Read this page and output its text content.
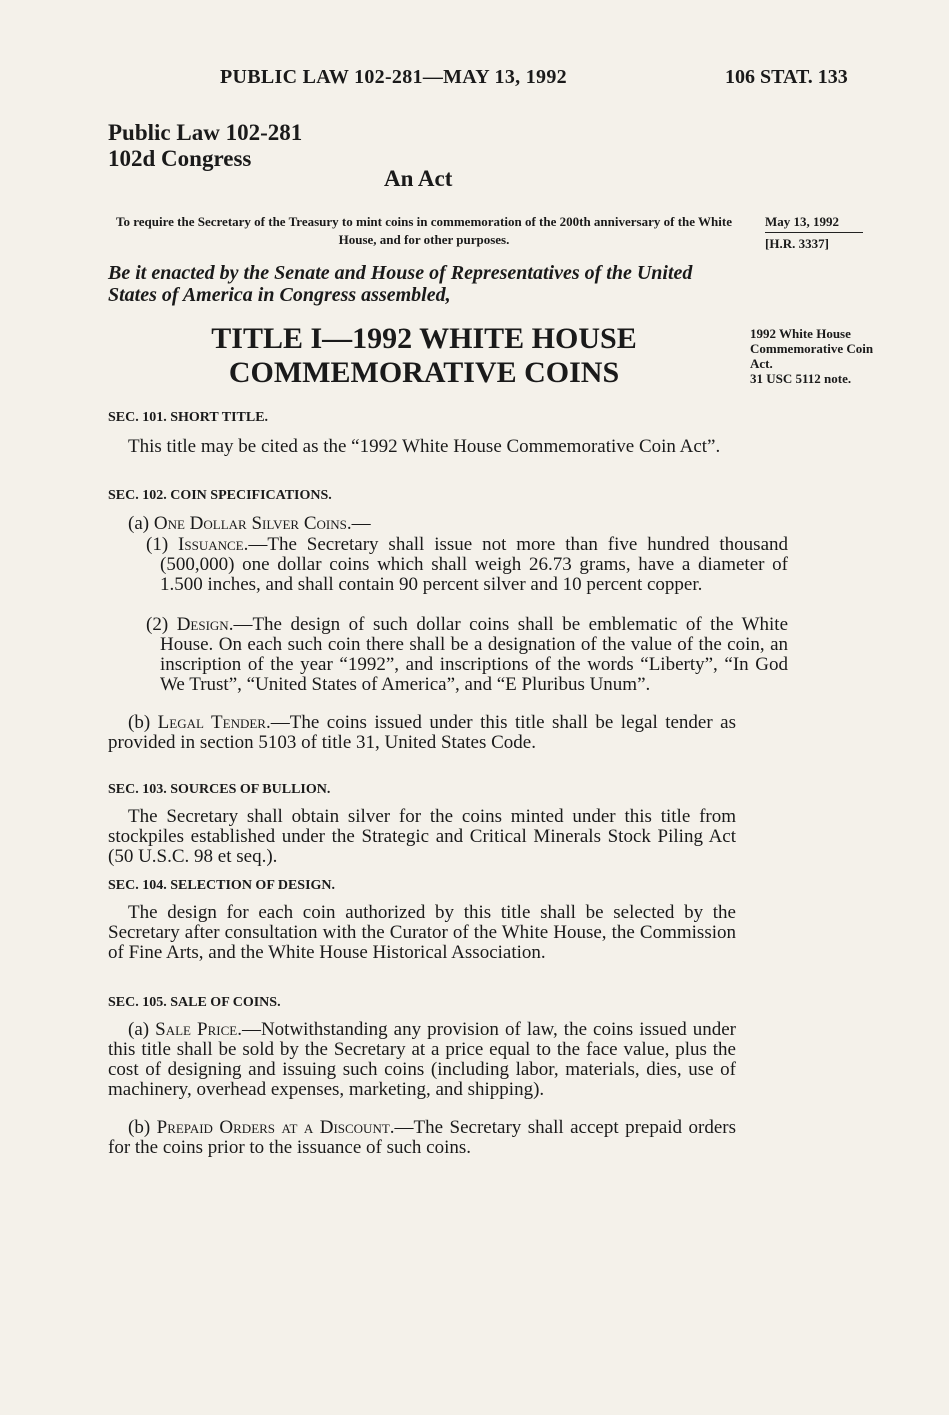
PUBLIC LAW 102-281—MAY 13, 1992	106 STAT. 133
Public Law 102-281
102d Congress
An Act
To require the Secretary of the Treasury to mint coins in commemoration of the 200th anniversary of the White House, and for other purposes.
May 13, 1992
[H.R. 3337]
Be it enacted by the Senate and House of Representatives of the United States of America in Congress assembled,
TITLE I—1992 WHITE HOUSE
COMMEMORATIVE COINS
1992 White House Commemorative Coin Act.
31 USC 5112 note.
SEC. 101. SHORT TITLE.
This title may be cited as the “1992 White House Commemorative Coin Act”.
SEC. 102. COIN SPECIFICATIONS.
(a) One Dollar Silver Coins.—
(1) Issuance.—The Secretary shall issue not more than five hundred thousand (500,000) one dollar coins which shall weigh 26.73 grams, have a diameter of 1.500 inches, and shall contain 90 percent silver and 10 percent copper.
(2) Design.—The design of such dollar coins shall be emblematic of the White House. On each such coin there shall be a designation of the value of the coin, an inscription of the year “1992”, and inscriptions of the words “Liberty”, “In God We Trust”, “United States of America”, and “E Pluribus Unum”.
(b) Legal Tender.—The coins issued under this title shall be legal tender as provided in section 5103 of title 31, United States Code.
SEC. 103. SOURCES OF BULLION.
The Secretary shall obtain silver for the coins minted under this title from stockpiles established under the Strategic and Critical Minerals Stock Piling Act (50 U.S.C. 98 et seq.).
SEC. 104. SELECTION OF DESIGN.
The design for each coin authorized by this title shall be selected by the Secretary after consultation with the Curator of the White House, the Commission of Fine Arts, and the White House Historical Association.
SEC. 105. SALE OF COINS.
(a) Sale Price.—Notwithstanding any provision of law, the coins issued under this title shall be sold by the Secretary at a price equal to the face value, plus the cost of designing and issuing such coins (including labor, materials, dies, use of machinery, overhead expenses, marketing, and shipping).
(b) Prepaid Orders at a Discount.—The Secretary shall accept prepaid orders for the coins prior to the issuance of such coins.
